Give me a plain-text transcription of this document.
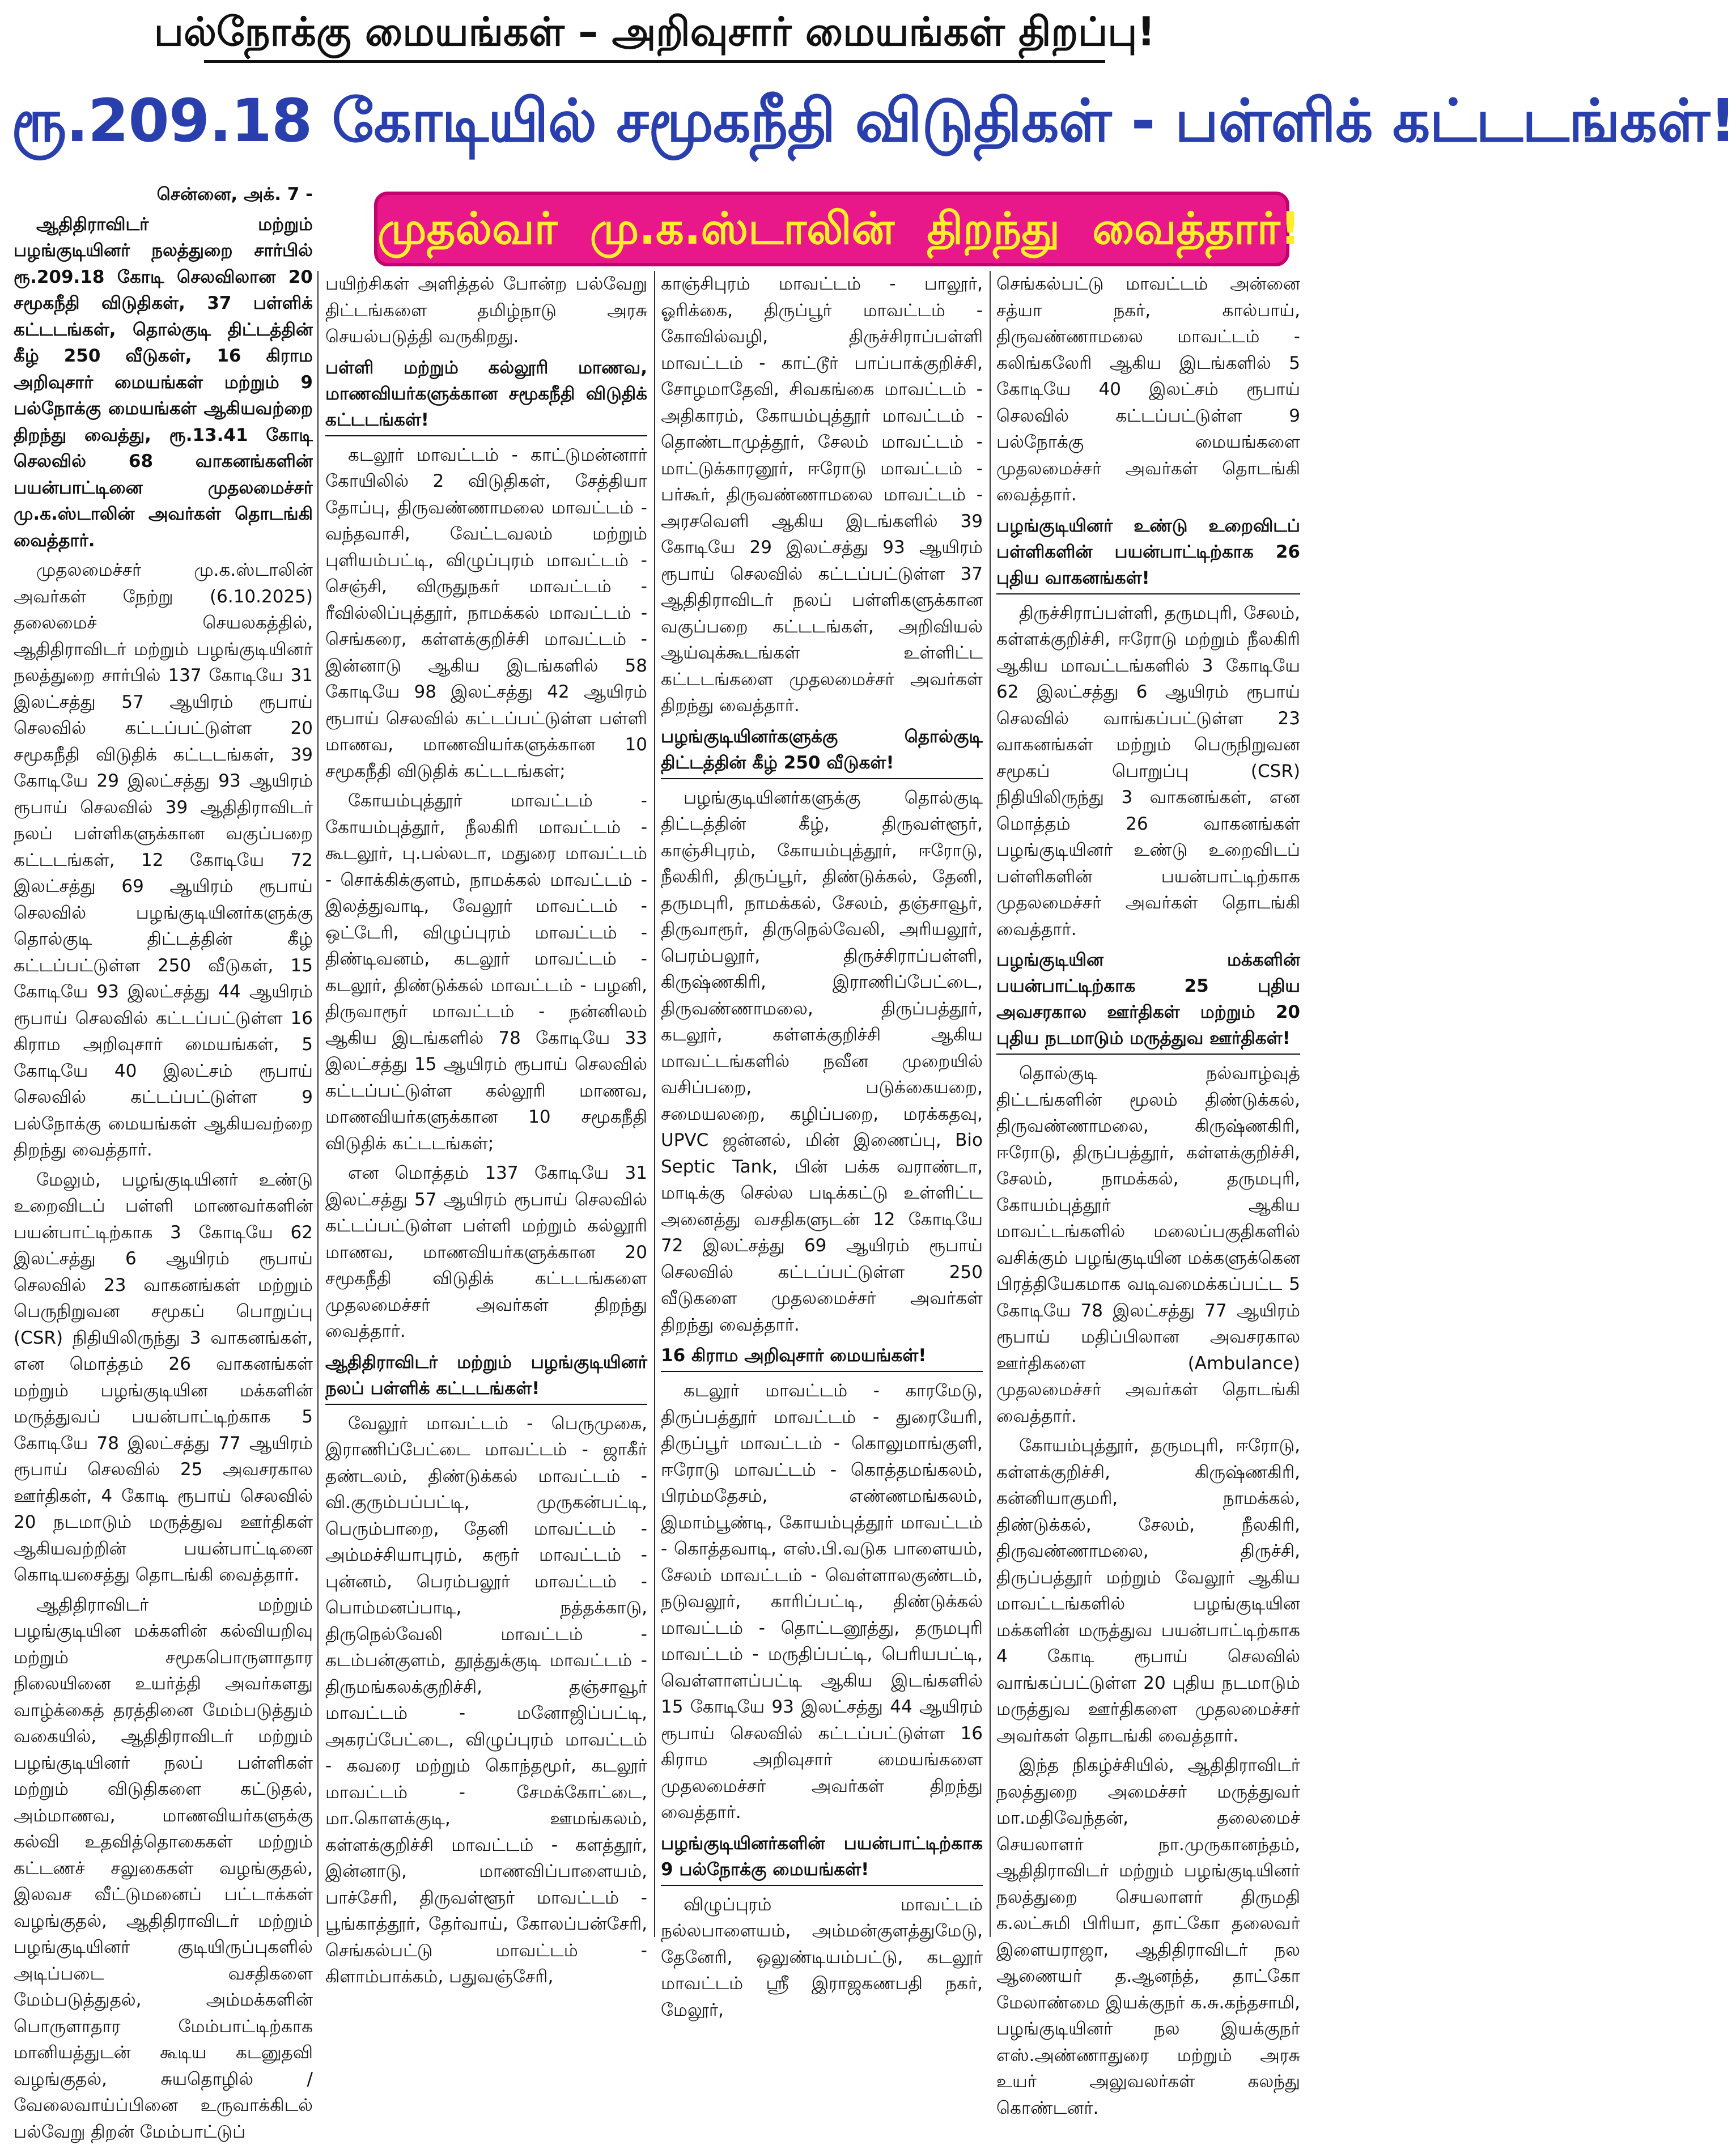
பல்நோக்கு மையங்கள் – அறிவுசார் மையங்கள் திறப்பு!
ரூ.209.18 கோடியில் சமூகநீதி விடுதிகள் - பள்ளிக் கட்டடங்கள்!
முதல்வர் மு.க.ஸ்டாலின் திறந்து வைத்தார்!

சென்னை, அக். 7 -

ஆதிதிராவிடர் மற்றும் பழங்குடியினர் நலத்துறை சார்பில் ரூ.209.18 கோடி செலவிலான 20 சமூகநீதி விடுதிகள், 37 பள்ளிக் கட்டடங்கள், தொல்குடி திட்டத்தின் கீழ் 250 வீடுகள், 16 கிராம அறிவுசார் மையங்கள் மற்றும் 9 பல்நோக்கு மையங்கள் ஆகியவற்றை திறந்து வைத்து, ரூ.13.41 கோடி செலவில் 68 வாகனங்களின் பயன்பாட்டினை முதலமைச்சர் மு.க.ஸ்டாலின் அவர்கள் தொடங்கி வைத்தார்.

முதலமைச்சர் மு.க.ஸ்டாலின் அவர்கள் நேற்று (6.10.2025) தலைமைச் செயலகத்தில், ஆதிதிராவிடர் மற்றும் பழங்குடியினர் நலத்துறை சார்பில் 137 கோடியே 31 இலட்சத்து 57 ஆயிரம் ரூபாய் செலவில் கட்டப்பட்டுள்ள 20 சமூகநீதி விடுதிக் கட்டடங்கள், 39 கோடியே 29 இலட்சத்து 93 ஆயிரம் ரூபாய் செலவில் 39 ஆதிதிராவிடர் நலப் பள்ளிகளுக்கான வகுப்பறை கட்டடங்கள், 12 கோடியே 72 இலட்சத்து 69 ஆயிரம் ரூபாய் செலவில் பழங்குடியினர்களுக்கு தொல்குடி திட்டத்தின் கீழ் கட்டப்பட்டுள்ள 250 வீடுகள், 15 கோடியே 93 இலட்சத்து 44 ஆயிரம் ரூபாய் செலவில் கட்டப்பட்டுள்ள 16 கிராம அறிவுசார் மையங்கள், 5 கோடியே 40 இலட்சம் ரூபாய் செலவில் கட்டப்பட்டுள்ள 9 பல்நோக்கு மையங்கள் ஆகியவற்றை திறந்து வைத்தார்.

மேலும், பழங்குடியினர் உண்டு உறைவிடப் பள்ளி மாணவர்களின் பயன்பாட்டிற்காக 3 கோடியே 62 இலட்சத்து 6 ஆயிரம் ரூபாய் செலவில் 23 வாகனங்கள் மற்றும் பெருநிறுவன சமூகப் பொறுப்பு (CSR) நிதியிலிருந்து 3 வாகனங்கள், என மொத்தம் 26 வாகனங்கள் மற்றும் பழங்குடியின மக்களின் மருத்துவப் பயன்பாட்டிற்காக 5 கோடியே 78 இலட்சத்து 77 ஆயிரம் ரூபாய் செலவில் 25 அவசரகால ஊர்திகள், 4 கோடி ரூபாய் செலவில் 20 நடமாடும் மருத்துவ ஊர்திகள் ஆகியவற்றின் பயன்பாட்டினை கொடியசைத்து தொடங்கி வைத்தார்.

ஆதிதிராவிடர் மற்றும் பழங்குடியின மக்களின் கல்வியறிவு மற்றும் சமூகபொருளாதார நிலையினை உயர்த்தி அவர்களது வாழ்க்கைத் தரத்தினை மேம்படுத்தும் வகையில், ஆதிதிராவிடர் மற்றும் பழங்குடியினர் நலப் பள்ளிகள் மற்றும் விடுதிகளை கட்டுதல், அம்மாணவ, மாணவியர்களுக்கு கல்வி உதவித்தொகைகள் மற்றும் கட்டணச் சலுகைகள் வழங்குதல், இலவச வீட்டுமனைப் பட்டாக்கள் வழங்குதல், ஆதிதிராவிடர் மற்றும் பழங்குடியினர் குடியிருப்புகளில் அடிப்படை வசதிகளை மேம்படுத்துதல், அம்மக்களின் பொருளாதார மேம்பாட்டிற்காக மானியத்துடன் கூடிய கடனுதவி வழங்குதல், சுயதொழில் / வேலைவாய்ப்பினை உருவாக்கிடல் பல்வேறு திறன் மேம்பாட்டுப்

பயிற்சிகள் அளித்தல் போன்ற பல்வேறு திட்டங்களை தமிழ்நாடு அரசு செயல்படுத்தி வருகிறது.

பள்ளி மற்றும் கல்லூரி மாணவ, மாணவியர்களுக்கான சமூகநீதி விடுதிக் கட்டடங்கள்!

கடலூர் மாவட்டம் - காட்டுமன்னார் கோயிலில் 2 விடுதிகள், சேத்தியா தோப்பு, திருவண்ணாமலை மாவட்டம் - வந்தவாசி, வேட்டவலம் மற்றும் புளியம்பட்டி, விழுப்புரம் மாவட்டம் - செஞ்சி, விருதுநகர் மாவட்டம் - ரீவில்லிப்புத்தூர், நாமக்கல் மாவட்டம் - செங்கரை, கள்ளக்குறிச்சி மாவட்டம் - இன்னாடு ஆகிய இடங்களில் 58 கோடியே 98 இலட்சத்து 42 ஆயிரம் ரூபாய் செலவில் கட்டப்பட்டுள்ள பள்ளி மாணவ, மாணவியர்களுக்கான 10 சமூகநீதி விடுதிக் கட்டடங்கள்;

கோயம்புத்தூர் மாவட்டம் - கோயம்புத்தூர், நீலகிரி மாவட்டம் - கூடலூர், பு.பல்லடா, மதுரை மாவட்டம் - சொக்கிக்குளம், நாமக்கல் மாவட்டம் - இலத்துவாடி, வேலூர் மாவட்டம் - ஒட்டேரி, விழுப்புரம் மாவட்டம் - திண்டிவனம், கடலூர் மாவட்டம் - கடலூர், திண்டுக்கல் மாவட்டம் - பழனி, திருவாரூர் மாவட்டம் - நன்னிலம் ஆகிய இடங்களில் 78 கோடியே 33 இலட்சத்து 15 ஆயிரம் ரூபாய் செலவில் கட்டப்பட்டுள்ள கல்லூரி மாணவ, மாணவியர்களுக்கான 10 சமூகநீதி விடுதிக் கட்டடங்கள்;

என மொத்தம் 137 கோடியே 31 இலட்சத்து 57 ஆயிரம் ரூபாய் செலவில் கட்டப்பட்டுள்ள பள்ளி மற்றும் கல்லூரி மாணவ, மாணவியர்களுக்கான 20 சமூகநீதி விடுதிக் கட்டடங்களை முதலமைச்சர் அவர்கள் திறந்து வைத்தார்.

ஆதிதிராவிடர் மற்றும் பழங்குடியினர் நலப் பள்ளிக் கட்டடங்கள்!

வேலூர் மாவட்டம் - பெருமுகை, இராணிப்பேட்டை மாவட்டம் - ஜாகீர் தண்டலம், திண்டுக்கல் மாவட்டம் - வி.குரும்பப்பட்டி, முருகன்பட்டி, பெரும்பாறை, தேனி மாவட்டம் - அம்மச்சியாபுரம், கரூர் மாவட்டம் - புன்னம், பெரம்பலூர் மாவட்டம் - பொம்மனப்பாடி, நத்தக்காடு, திருநெல்வேலி மாவட்டம் - கடம்பன்குளம், தூத்துக்குடி மாவட்டம் - திருமங்கலக்குறிச்சி, தஞ்சாவூர் மாவட்டம் - மனோஜிப்பட்டி, அகரப்பேட்டை, விழுப்புரம் மாவட்டம் - கவரை மற்றும் கொந்தமூர், கடலூர் மாவட்டம் - சேமக்கோட்டை, மா.கொளக்குடி, ஊமங்கலம், கள்ளக்குறிச்சி மாவட்டம் - களத்தூர், இன்னாடு, மாணவிப்பாளையம், பாச்சேரி, திருவள்ளூர் மாவட்டம் - பூங்காத்தூர், தேர்வாய், கோலப்பன்சேரி, செங்கல்பட்டு மாவட்டம் - கிளாம்பாக்கம், பதுவஞ்சேரி,

காஞ்சிபுரம் மாவட்டம் - பாலூர், ஓரிக்கை, திருப்பூர் மாவட்டம் - கோவில்வழி, திருச்சிராப்பள்ளி மாவட்டம் - காட்டூர் பாப்பாக்குறிச்சி, சோழமாதேவி, சிவகங்கை மாவட்டம் - அதிகாரம், கோயம்புத்தூர் மாவட்டம் - தொண்டாமுத்தூர், சேலம் மாவட்டம் - மாட்டுக்காரனூர், ஈரோடு மாவட்டம் - பர்கூர், திருவண்ணாமலை மாவட்டம் - அரசவெளி ஆகிய இடங்களில் 39 கோடியே 29 இலட்சத்து 93 ஆயிரம் ரூபாய் செலவில் கட்டப்பட்டுள்ள 37 ஆதிதிராவிடர் நலப் பள்ளிகளுக்கான வகுப்பறை கட்டடங்கள், அறிவியல் ஆய்வுக்கூடங்கள் உள்ளிட்ட கட்டடங்களை முதலமைச்சர் அவர்கள் திறந்து வைத்தார்.

பழங்குடியினர்களுக்கு தொல்குடி திட்டத்தின் கீழ் 250 வீடுகள்!

பழங்குடியினர்களுக்கு தொல்குடி திட்டத்தின் கீழ், திருவள்ளூர், காஞ்சிபுரம், கோயம்புத்தூர், ஈரோடு, நீலகிரி, திருப்பூர், திண்டுக்கல், தேனி, தருமபுரி, நாமக்கல், சேலம், தஞ்சாவூர், திருவாரூர், திருநெல்வேலி, அரியலூர், பெரம்பலூர், திருச்சிராப்பள்ளி, கிருஷ்ணகிரி, இராணிப்பேட்டை, திருவண்ணாமலை, திருப்பத்தூர், கடலூர், கள்ளக்குறிச்சி ஆகிய மாவட்டங்களில் நவீன முறையில் வசிப்பறை, படுக்கையறை, சமையலறை, கழிப்பறை, மரக்கதவு, UPVC ஜன்னல், மின் இணைப்பு, Bio Septic Tank, பின் பக்க வராண்டா, மாடிக்கு செல்ல படிக்கட்டு உள்ளிட்ட அனைத்து வசதிகளுடன் 12 கோடியே 72 இலட்சத்து 69 ஆயிரம் ரூபாய் செலவில் கட்டப்பட்டுள்ள 250 வீடுகளை முதலமைச்சர் அவர்கள் திறந்து வைத்தார்.

16 கிராம அறிவுசார் மையங்கள்!

கடலூர் மாவட்டம் - காரமேடு, திருப்பத்தூர் மாவட்டம் - துரையேரி, திருப்பூர் மாவட்டம் - கொலுமாங்குளி, ஈரோடு மாவட்டம் - கொத்தமங்கலம், பிரம்மதேசம், எண்ணமங்கலம், இமாம்பூண்டி, கோயம்புத்தூர் மாவட்டம் - கொத்தவாடி, எஸ்.பி.வடுக பாளையம், சேலம் மாவட்டம் - வெள்ளாலகுண்டம், நடுவலூர், காரிப்பட்டி, திண்டுக்கல் மாவட்டம் - தொட்டனூத்து, தருமபுரி மாவட்டம் - மருதிப்பட்டி, பெரியபட்டி, வெள்ளாளப்பட்டி ஆகிய இடங்களில் 15 கோடியே 93 இலட்சத்து 44 ஆயிரம் ரூபாய் செலவில் கட்டப்பட்டுள்ள 16 கிராம அறிவுசார் மையங்களை முதலமைச்சர் அவர்கள் திறந்து வைத்தார்.

பழங்குடியினர்களின் பயன்பாட்டிற்காக 9 பல்நோக்கு மையங்கள்!

விழுப்புரம் மாவட்டம் நல்லபாளையம், அம்மன்குளத்துமேடு, தேனேரி, ஒலுண்டியம்பட்டு, கடலூர் மாவட்டம் ஸ்ரீ இராஜகணபதி நகர், மேலூர்,

செங்கல்பட்டு மாவட்டம் அன்னை சத்யா நகர், கால்பாய், திருவண்ணாமலை மாவட்டம் - கலிங்கலேரி ஆகிய இடங்களில் 5 கோடியே 40 இலட்சம் ரூபாய் செலவில் கட்டப்பட்டுள்ள 9 பல்நோக்கு மையங்களை முதலமைச்சர் அவர்கள் தொடங்கி வைத்தார்.

பழங்குடியினர் உண்டு உறைவிடப் பள்ளிகளின் பயன்பாட்டிற்காக 26 புதிய வாகனங்கள்!

திருச்சிராப்பள்ளி, தருமபுரி, சேலம், கள்ளக்குறிச்சி, ஈரோடு மற்றும் நீலகிரி ஆகிய மாவட்டங்களில் 3 கோடியே 62 இலட்சத்து 6 ஆயிரம் ரூபாய் செலவில் வாங்கப்பட்டுள்ள 23 வாகனங்கள் மற்றும் பெருநிறுவன சமூகப் பொறுப்பு (CSR) நிதியிலிருந்து 3 வாகனங்கள், என மொத்தம் 26 வாகனங்கள் பழங்குடியினர் உண்டு உறைவிடப் பள்ளிகளின் பயன்பாட்டிற்காக முதலமைச்சர் அவர்கள் தொடங்கி வைத்தார்.

பழங்குடியின மக்களின் பயன்பாட்டிற்காக 25 புதிய அவசரகால ஊர்திகள் மற்றும் 20 புதிய நடமாடும் மருத்துவ ஊர்திகள்!

தொல்குடி நல்வாழ்வுத் திட்டங்களின் மூலம் திண்டுக்கல், திருவண்ணாமலை, கிருஷ்ணகிரி, ஈரோடு, திருப்பத்தூர், கள்ளக்குறிச்சி, சேலம், நாமக்கல், தருமபுரி, கோயம்புத்தூர் ஆகிய மாவட்டங்களில் மலைப்பகுதிகளில் வசிக்கும் பழங்குடியின மக்களுக்கென பிரத்தியேகமாக வடிவமைக்கப்பட்ட 5 கோடியே 78 இலட்சத்து 77 ஆயிரம் ரூபாய் மதிப்பிலான அவசரகால ஊர்திகளை (Ambulance) முதலமைச்சர் அவர்கள் தொடங்கி வைத்தார்.

கோயம்புத்தூர், தருமபுரி, ஈரோடு, கள்ளக்குறிச்சி, கிருஷ்ணகிரி, கன்னியாகுமரி, நாமக்கல், திண்டுக்கல், சேலம், நீலகிரி, திருவண்ணாமலை, திருச்சி, திருப்பத்தூர் மற்றும் வேலூர் ஆகிய மாவட்டங்களில் பழங்குடியின மக்களின் மருத்துவ பயன்பாட்டிற்காக 4 கோடி ரூபாய் செலவில் வாங்கப்பட்டுள்ள 20 புதிய நடமாடும் மருத்துவ ஊர்திகளை முதலமைச்சர் அவர்கள் தொடங்கி வைத்தார்.

இந்த நிகழ்ச்சியில், ஆதிதிராவிடர் நலத்துறை அமைச்சர் மருத்துவர் மா.மதிவேந்தன், தலைமைச் செயலாளர் நா.முருகானந்தம், ஆதிதிராவிடர் மற்றும் பழங்குடியினர் நலத்துறை செயலாளர் திருமதி க.லட்சுமி பிரியா, தாட்கோ தலைவர் இளையராஜா, ஆதிதிராவிடர் நல ஆணையர் த.ஆனந்த், தாட்கோ மேலாண்மை இயக்குநர் க.சு.கந்தசாமி, பழங்குடியினர் நல இயக்குநர் எஸ்.அண்ணாதுரை மற்றும் அரசு உயர் அலுவலர்கள் கலந்து கொண்டனர்.
